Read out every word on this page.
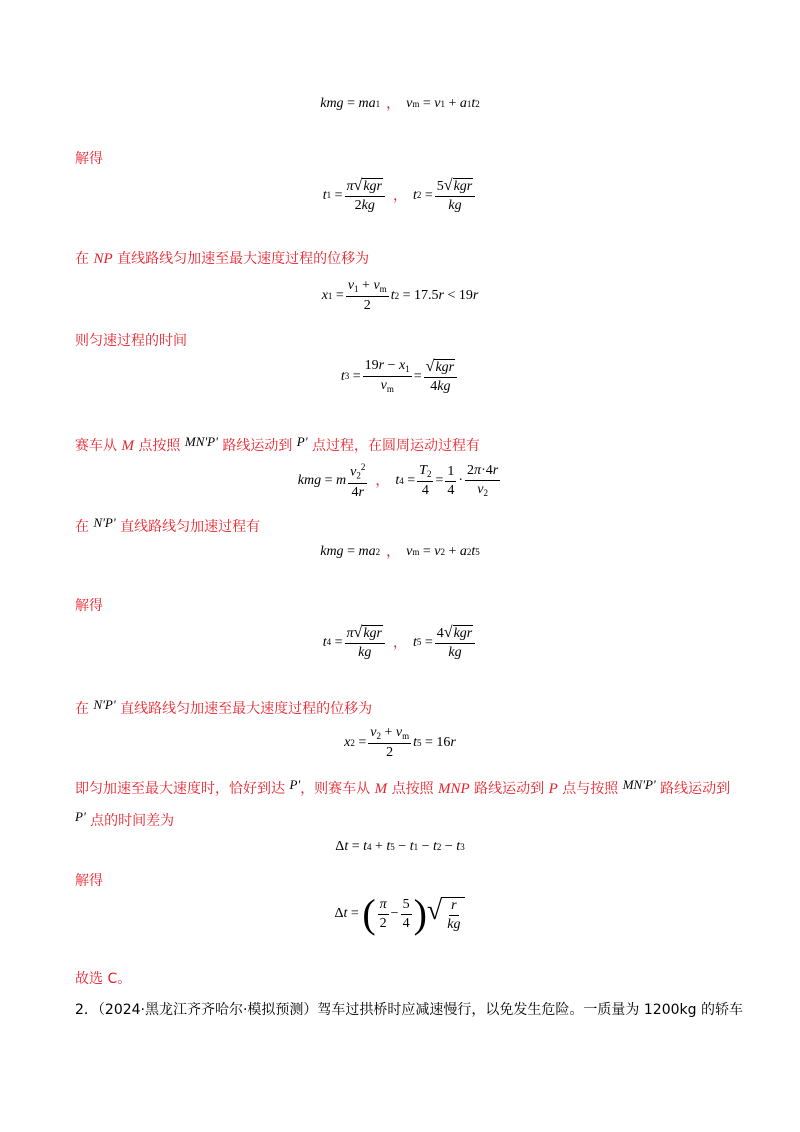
kmg = ma 1 ， v m = v 1 + a 1 t 2
解得
t $1 = \frac{\text{π √ kgr}}{2kg}$ ， t $2 = \frac{\text{5 √ kgr}}{kg}$
在 NP 直线路线匀加速至最大速度过程的位移为
x $1 = \frac{v_1 + v_m}{2}$ t 2 = 17.5 r < 19 r
则匀速过程的时间
t $3 = \frac{19r - x_1}{v_m} = \frac{\text{√ kgr}}{4kg}$
赛车从 M 点按照 MN'P' 路线运动到 P' 点过程，在圆周运动过程有
kmg = m $\frac{v_2^2}{4r}$ ， t $4 = \frac{T_2}{4} = \frac{1}{4} \cdot \frac{2\pi\cdot 4r}{v_2}$
在 N'P' 直线路线匀加速过程有
kmg = ma 2 ， v m = v 2 + a 2 t 5
解得
t $4 = \frac{\text{π √ kgr}}{kg}$ ， t $5 = \frac{\text{4 √ kgr}}{kg}$
在 N'P' 直线路线匀加速至最大速度过程的位移为
x $2 = \frac{v_2 + v_m}{2}$ t 5 = 16 r
即匀加速至最大速度时，恰好到达 P'，则赛车从 M 点按照 MNP 路线运动到 P 点与按照 MN'P' 路线运动到
P' 点的时间差为
Δ t = t 4 + t 5 − t 1 − t 2 − t 3
解得
Δ t = ( $\frac{\pi}{2} - \frac{5}{4}$ ) √ $\frac{r}{kg}$
故选 C。
2．（2024·黑龙江齐齐哈尔·模拟预测）驾车过拱桥时应减速慢行，以免发生危险。一质量为 1200kg 的轿车
